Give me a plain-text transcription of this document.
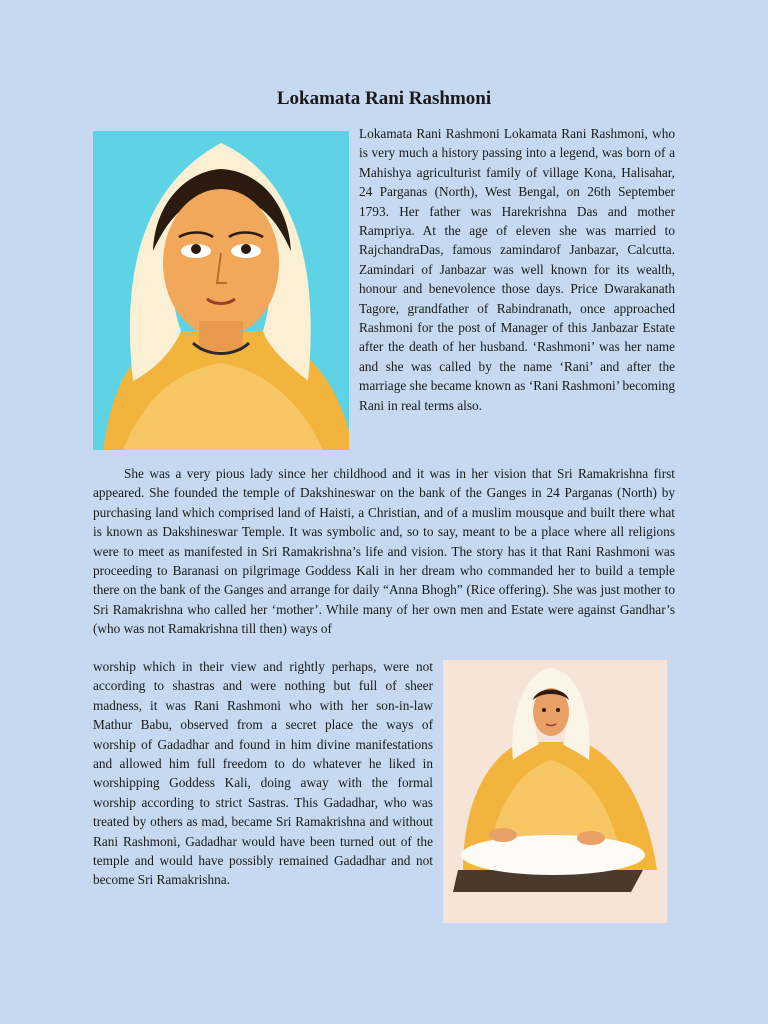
Lokamata Rani Rashmoni

Lokamata Rani Rashmoni Lokamata Rani Rashmoni, who is very much a history passing into a legend, was born of a Mahishya agriculturist family of village Kona, Halisahar, 24 Parganas (North), West Bengal, on 26th September 1793. Her father was Harekrishna Das and mother Rampriya. At the age of eleven she was married to RajchandraDas, famous zamindarof Janbazar, Calcutta. Zamindari of Janbazar was well known for its wealth, honour and benevolence those days. Price Dwarakanath Tagore, grandfather of Rabindranath, once approached Rashmoni for the post of Manager of this Janbazar Estate after the death of her husband. ‘Rashmoni’ was her name and she was called by the name ‘Rani’ and after the marriage she became known as ‘Rani Rashmoni’ becoming Rani in real terms also.

She was a very pious lady since her childhood and it was in her vision that Sri Ramakrishna first appeared. She founded the temple of Dakshineswar on the bank of the Ganges in 24 Parganas (North) by purchasing land which comprised land of Haisti, a Christian, and of a muslim mousque and built there what is known as Dakshineswar Temple. It was symbolic and, so to say, meant to be a place where all religions were to meet as manifested in Sri Ramakrishna’s life and vision. The story has it that Rani Rashmoni was proceeding to Baranasi on pilgrimage Goddess Kali in her dream who commanded her to build a temple there on the bank of the Ganges and arrange for daily “Anna Bhogh” (Rice offering). She was just mother to Sri Ramakrishna who called her ‘mother’. While many of her own men and Estate were against Gandhar’s (who was not Ramakrishna till then) ways of

worship which in their view and rightly perhaps, were not according to shastras and were nothing but full of sheer madness, it was Rani Rashmoni who with her son-in-law Mathur Babu, observed from a secret place the ways of worship of Gadadhar and found in him divine manifestations and allowed him full freedom to do whatever he liked in worshipping Goddess Kali, doing away with the formal worship according to strict Sastras. This Gadadhar, who was treated by others as mad, became Sri Ramakrishna and without Rani Rashmoni, Gadadhar would have been turned out of the temple and would have possibly remained Gadadhar and not become Sri Ramakrishna.
